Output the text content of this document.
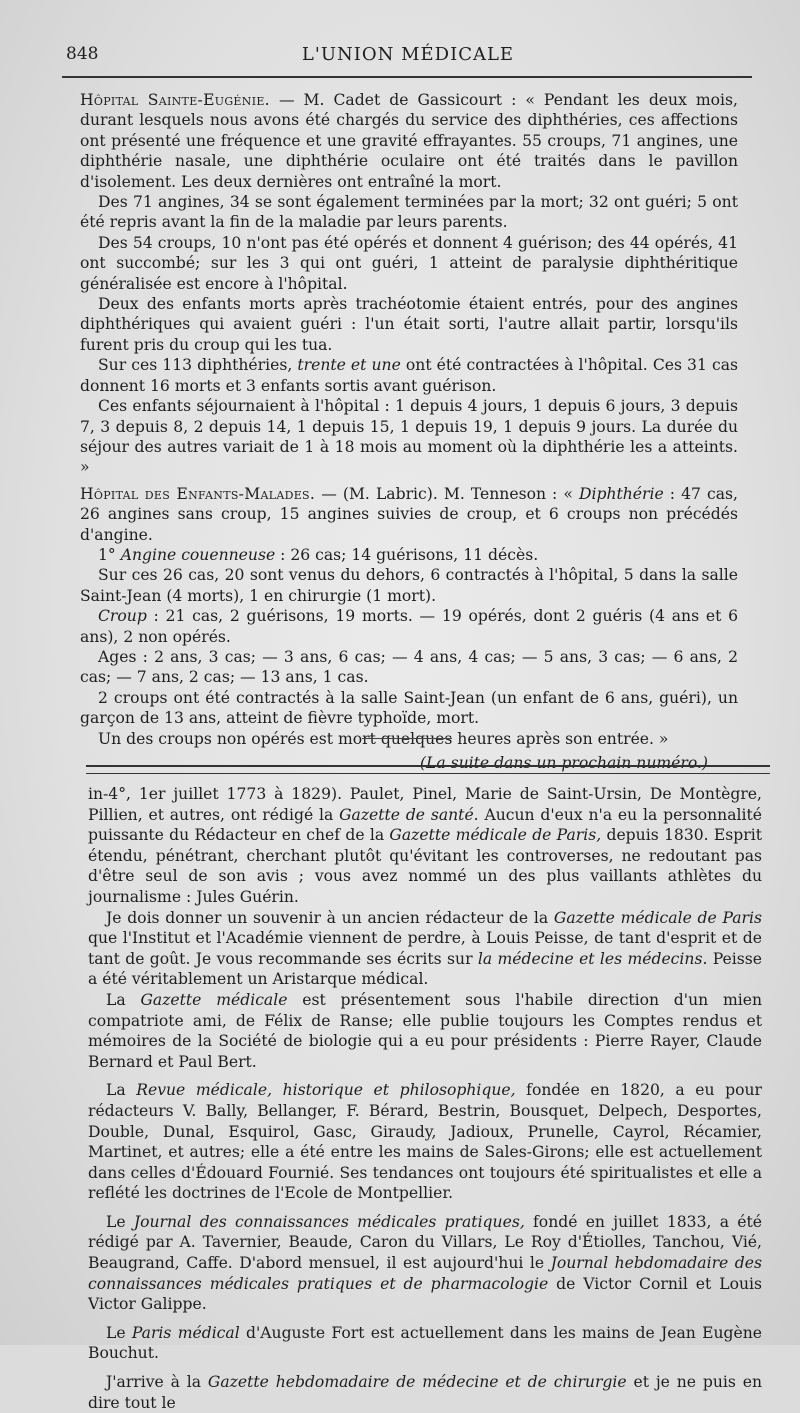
848	L'UNION MÉDICALE

Hôpital Sainte-Eugénie. — M. Cadet de Gassicourt : « Pendant les deux mois, durant lesquels nous avons été chargés du service des diphthéries, ces affections ont présenté une fréquence et une gravité effrayantes. 55 croups, 71 angines, une diphthérie nasale, une diphthérie oculaire ont été traités dans le pavillon d'isolement. Les deux dernières ont entraîné la mort.

Des 71 angines, 34 se sont également terminées par la mort; 32 ont guéri; 5 ont été repris avant la fin de la maladie par leurs parents.

Des 54 croups, 10 n'ont pas été opérés et donnent 4 guérison; des 44 opérés, 41 ont succombé; sur les 3 qui ont guéri, 1 atteint de paralysie diphthéritique généralisée est encore à l'hôpital.

Deux des enfants morts après trachéotomie étaient entrés, pour des angines diphthériques qui avaient guéri : l'un était sorti, l'autre allait partir, lorsqu'ils furent pris du croup qui les tua.

Sur ces 113 diphthéries, trente et une ont été contractées à l'hôpital. Ces 31 cas donnent 16 morts et 3 enfants sortis avant guérison.

Ces enfants séjournaient à l'hôpital : 1 depuis 4 jours, 1 depuis 6 jours, 3 depuis 7, 3 depuis 8, 2 depuis 14, 1 depuis 15, 1 depuis 19, 1 depuis 9 jours. La durée du séjour des autres variait de 1 à 18 mois au moment où la diphthérie les a atteints. »

Hôpital des Enfants-Malades. — (M. Labric). M. Tenneson : « Diphthérie : 47 cas, 26 angines sans croup, 15 angines suivies de croup, et 6 croups non précédés d'angine.

1° Angine couenneuse : 26 cas; 14 guérisons, 11 décès.

Sur ces 26 cas, 20 sont venus du dehors, 6 contractés à l'hôpital, 5 dans la salle Saint-Jean (4 morts), 1 en chirurgie (1 mort).

Croup : 21 cas, 2 guérisons, 19 morts. — 19 opérés, dont 2 guéris (4 ans et 6 ans), 2 non opérés.

Ages : 2 ans, 3 cas; — 3 ans, 6 cas; — 4 ans, 4 cas; — 5 ans, 3 cas; — 6 ans, 2 cas; — 7 ans, 2 cas; — 13 ans, 1 cas.

2 croups ont été contractés à la salle Saint-Jean (un enfant de 6 ans, guéri), un garçon de 13 ans, atteint de fièvre typhoïde, mort.

Un des croups non opérés est mort quelques heures après son entrée. »

(La suite dans un prochain numéro.)

in-4°, 1er juillet 1773 à 1829). Paulet, Pinel, Marie de Saint-Ursin, De Montègre, Pillien, et autres, ont rédigé la Gazette de santé. Aucun d'eux n'a eu la personnalité puissante du Rédacteur en chef de la Gazette médicale de Paris, depuis 1830. Esprit étendu, pénétrant, cherchant plutôt qu'évitant les controverses, ne redoutant pas d'être seul de son avis ; vous avez nommé un des plus vaillants athlètes du journalisme : Jules Guérin.

Je dois donner un souvenir à un ancien rédacteur de la Gazette médicale de Paris que l'Institut et l'Académie viennent de perdre, à Louis Peisse, de tant d'esprit et de tant de goût. Je vous recommande ses écrits sur la médecine et les médecins. Peisse a été véritablement un Aristarque médical.

La Gazette médicale est présentement sous l'habile direction d'un mien compatriote ami, de Félix de Ranse; elle publie toujours les Comptes rendus et mémoires de la Société de biologie qui a eu pour présidents : Pierre Rayer, Claude Bernard et Paul Bert.

La Revue médicale, historique et philosophique, fondée en 1820, a eu pour rédacteurs V. Bally, Bellanger, F. Bérard, Bestrin, Bousquet, Delpech, Desportes, Double, Dunal, Esquirol, Gasc, Giraudy, Jadioux, Prunelle, Cayrol, Récamier, Martinet, et autres; elle a été entre les mains de Sales-Girons; elle est actuellement dans celles d'Édouard Fournié. Ses tendances ont toujours été spiritualistes et elle a reflété les doctrines de l'Ecole de Montpellier.

Le Journal des connaissances médicales pratiques, fondé en juillet 1833, a été rédigé par A. Tavernier, Beaude, Caron du Villars, Le Roy d'Étiolles, Tanchou, Vié, Beaugrand, Caffe. D'abord mensuel, il est aujourd'hui le Journal hebdomadaire des connaissances médicales pratiques et de pharmacologie de Victor Cornil et Louis Victor Galippe.

Le Paris médical d'Auguste Fort est actuellement dans les mains de Jean Eugène Bouchut.

J'arrive à la Gazette hebdomadaire de médecine et de chirurgie et je ne puis en dire tout le
